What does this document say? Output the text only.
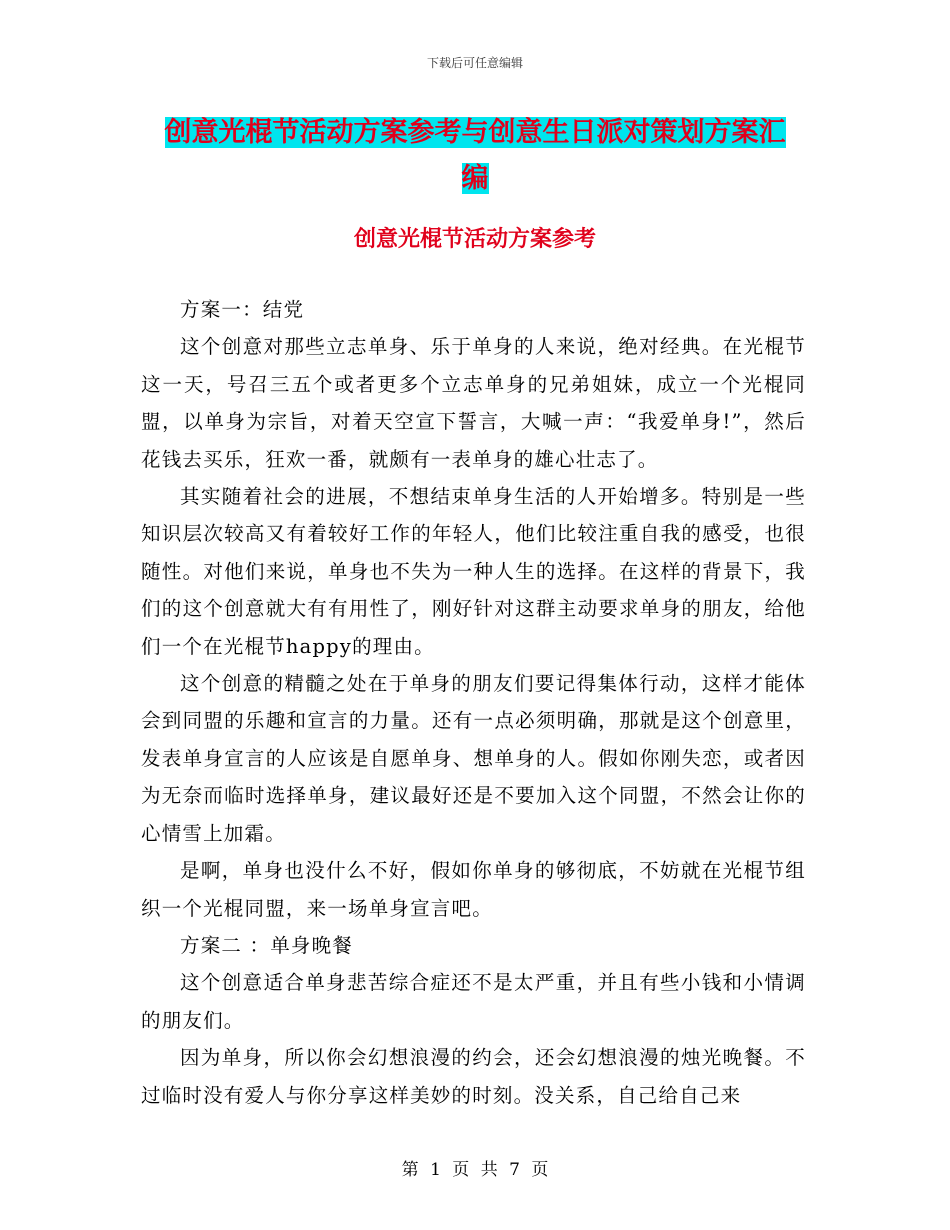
下载后可任意编辑
创意光棍节活动方案参考与创意生日派对策划方案汇
编
创意光棍节活动方案参考

方案一：结党

这个创意对那些立志单身、乐于单身的人来说，绝对经典。在光棍节这一天，号召三五个或者更多个立志单身的兄弟姐妹，成立一个光棍同盟，以单身为宗旨，对着天空宣下誓言，大喊一声：“我爱单身!”，然后花钱去买乐，狂欢一番，就颇有一表单身的雄心壮志了。

其实随着社会的进展，不想结束单身生活的人开始增多。特别是一些知识层次较高又有着较好工作的年轻人，他们比较注重自我的感受，也很随性。对他们来说，单身也不失为一种人生的选择。在这样的背景下，我们的这个创意就大有有用性了，刚好针对这群主动要求单身的朋友，给他们一个在光棍节happy的理由。

这个创意的精髓之处在于单身的朋友们要记得集体行动，这样才能体会到同盟的乐趣和宣言的力量。还有一点必须明确，那就是这个创意里，发表单身宣言的人应该是自愿单身、想单身的人。假如你刚失恋，或者因为无奈而临时选择单身，建议最好还是不要加入这个同盟，不然会让你的心情雪上加霜。

是啊，单身也没什么不好，假如你单身的够彻底，不妨就在光棍节组织一个光棍同盟，来一场单身宣言吧。

方案二 ：单身晚餐

这个创意适合单身悲苦综合症还不是太严重，并且有些小钱和小情调的朋友们。

因为单身，所以你会幻想浪漫的约会，还会幻想浪漫的烛光晚餐。不过临时没有爱人与你分享这样美妙的时刻。没关系，自己给自己来

第 1 页 共 7 页
